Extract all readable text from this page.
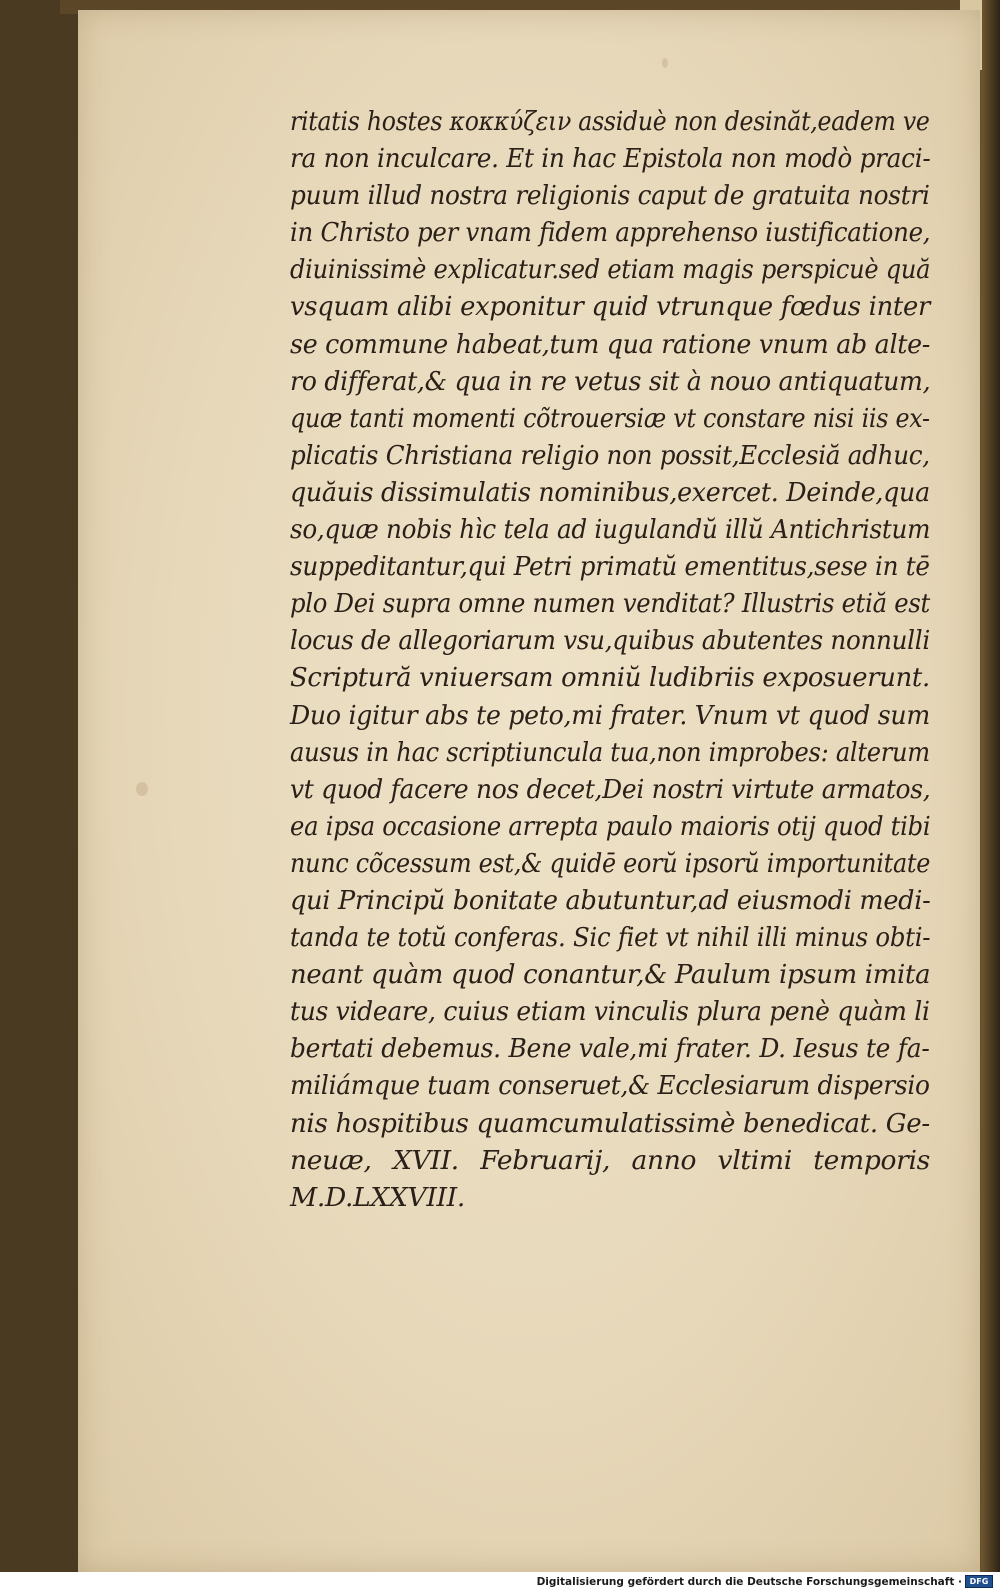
ritatis hostes κοκκύζειν assiduè non desinăt,eadem ve
ra non inculcare. Et in hac Epistola non modò praci-
puum illud nostra religionis caput de gratuita nostri
in Christo per vnam fidem apprehenso iustificatione,
diuinissimè explicatur.sed etiam magis perspicuè quă
vsquam alibi exponitur quid vtrunque fœdus inter
se commune habeat,tum qua ratione vnum ab alte-
ro differat,& qua in re vetus sit à nouo antiquatum,
quæ tanti momenti cõtrouersiæ vt constare nisi iis ex-
plicatis Christiana religio non possit,Ecclesiă adhuc,
quăuis dissimulatis nominibus,exercet. Deinde,qua
so,quæ nobis hìc tela ad iugulandŭ illŭ Antichristum
suppeditantur,qui Petri primatŭ ementitus,sese in tē
plo Dei supra omne numen venditat? Illustris etiă est
locus de allegoriarum vsu,quibus abutentes nonnulli
Scriptură vniuersam omniŭ ludibriis exposuerunt.
Duo igitur abs te peto,mi frater. Vnum vt quod sum
ausus in hac scriptiuncula tua,non improbes: alterum
vt quod facere nos decet,Dei nostri virtute armatos,
ea ipsa occasione arrepta paulo maioris otij quod tibi
nunc cõcessum est,& quidē eorŭ ipsorŭ importunitate
qui Principŭ bonitate abutuntur,ad eiusmodi medi-
tanda te totŭ conferas. Sic fiet vt nihil illi minus obti-
neant quàm quod conantur,& Paulum ipsum imita
tus videare, cuius etiam vinculis plura penè quàm li
bertati debemus. Bene vale,mi frater. D. Iesus te fa-
miliámque tuam conseruet,& Ecclesiarum dispersio
nis hospitibus quamcumulatissimè benedicat. Ge-
neuæ, XVII. Februarij, anno vltimi temporis
M.D.LXXVIII.
Digitalisierung gefördert durch die Deutsche Forschungsgemeinschaft · DFG
